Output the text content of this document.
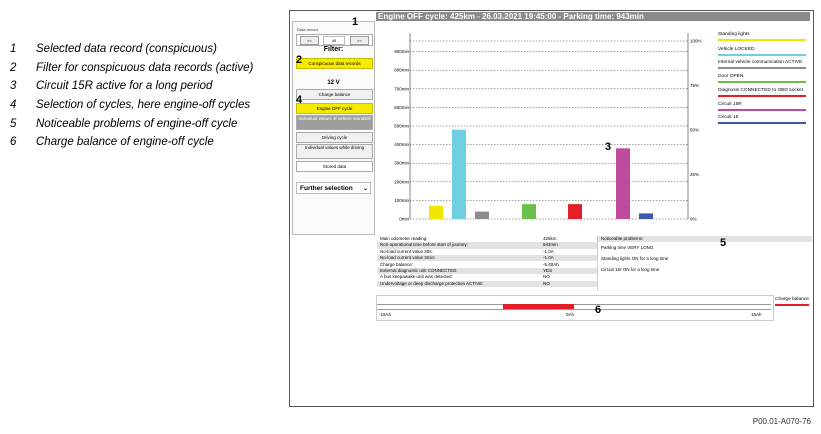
1	Selected data record (conspicuous)
2	Filter for conspicuous data records (active)
3	Circuit 15R active for a long period
4	Selection of cycles, here engine-off cycles
5	Noticeable problems of engine-off cycle
6	Charge balance of engine-off cycle
Engine OFF cycle: 425km - 26.03.2021 19:45:00 - Parking time: 943min
Data record
<<	49	>>
Filter:
Conspicuous data records
12 V
Charge balance
Engine OFF cycle
Individual values of vehicle standstill
Driving cycle
Individual values while driving
Stored data
Further selection ⌄
0min
100min
200min
300min
400min
500min
600min
700min
800min
900min
0%
25%
50%
75%
100%
Standing lights
Vehicle LOCKED
Internal vehicle communication ACTIVE
Door OPEN
Diagnosis CONNECTED to OBD socket
Circuit 15R
Circuit 15
Main odometer reading:	425km
Non-operational time before start of journey:	943min
No-load current value 30s:	-1.0A
No-load current value 3min:	-1.0A
Charge balance:	-5.40Ah
External diagnostic unit CONNECTED:	YES
A bus keepawake unit was detected:	NO
Undervoltage or deep discharge protection ACTIVE:	NO
Noticeable problems:
Parking time VERY LONG
Standing lights ON for a long time
Circuit 15r ON for a long time
-15Ah	0Ah	15Ah
Charge balance
1
3
5
6
2
4
P00.01-A070-76
